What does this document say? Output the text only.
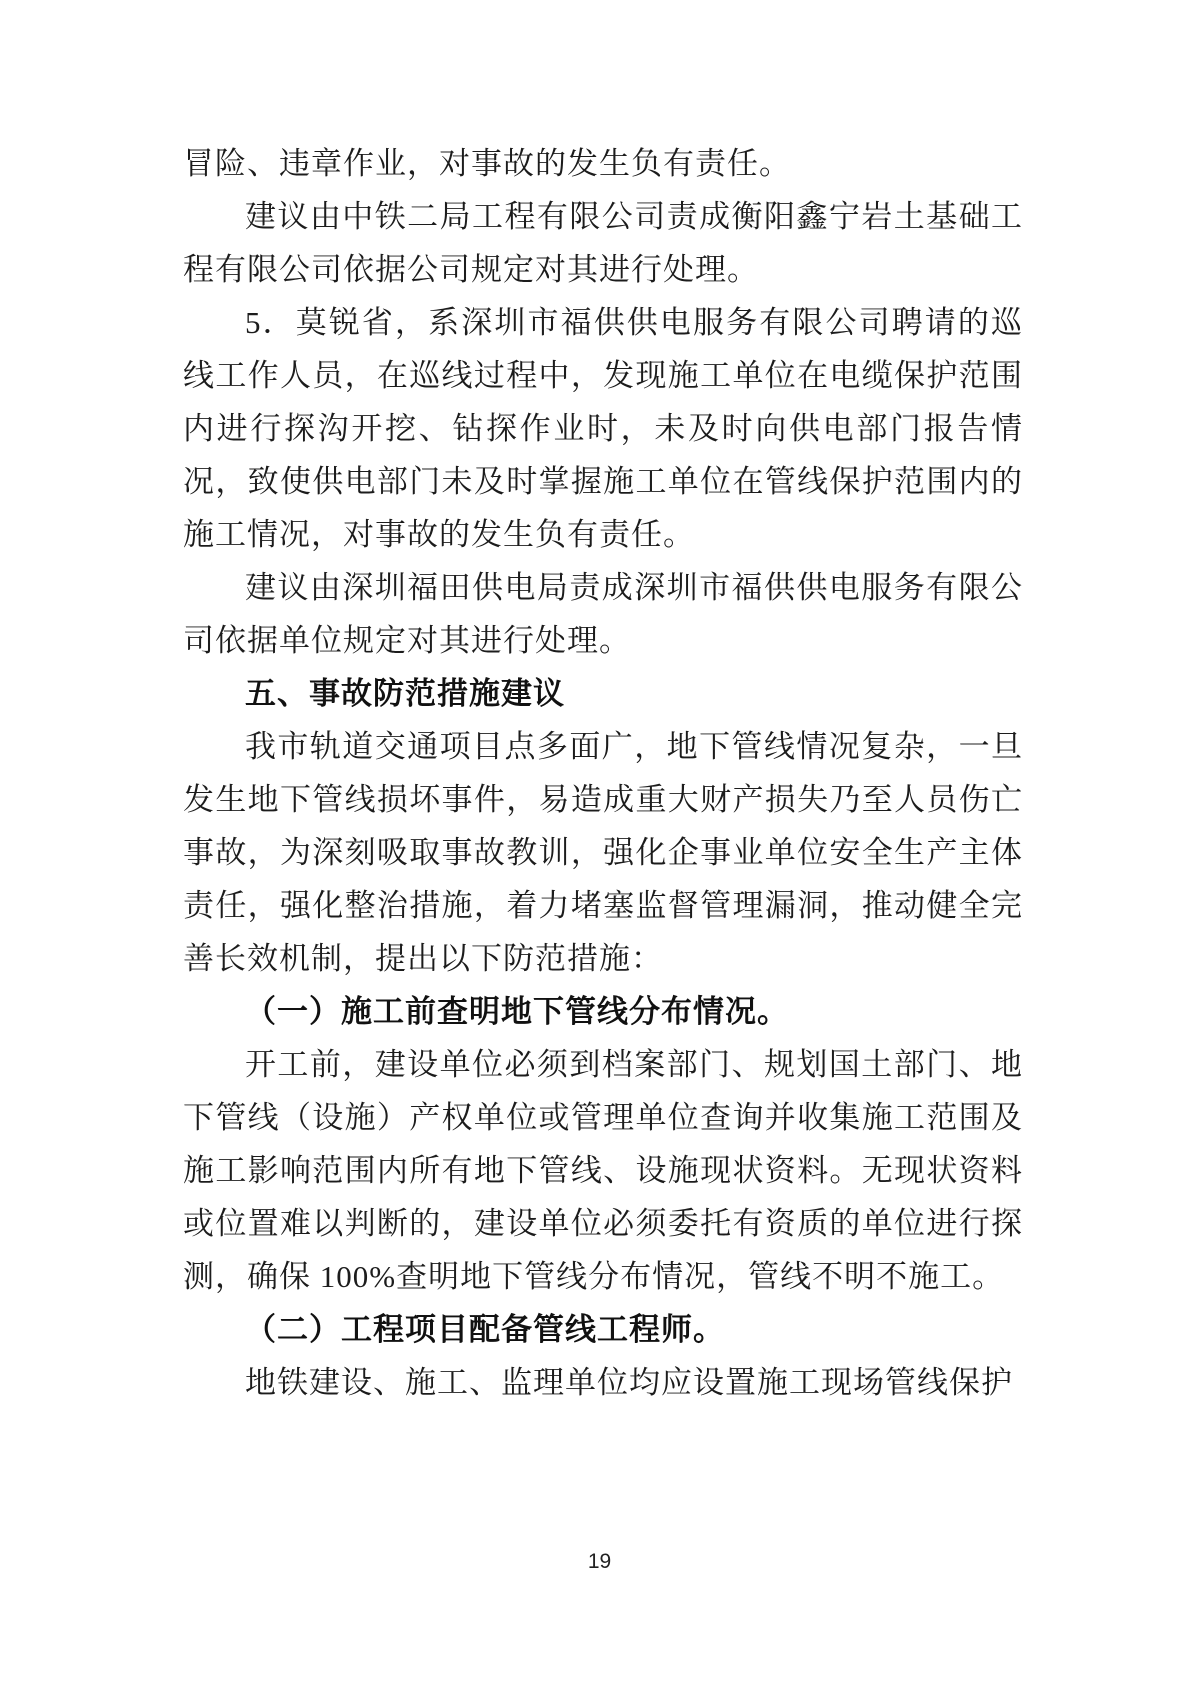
冒险、违章作业，对事故的发生负有责任。
建议由中铁二局工程有限公司责成衡阳鑫宁岩土基础工程有限公司依据公司规定对其进行处理。
5．莫锐省，系深圳市福供供电服务有限公司聘请的巡线工作人员，在巡线过程中，发现施工单位在电缆保护范围内进行探沟开挖、钻探作业时，未及时向供电部门报告情况，致使供电部门未及时掌握施工单位在管线保护范围内的施工情况，对事故的发生负有责任。
建议由深圳福田供电局责成深圳市福供供电服务有限公司依据单位规定对其进行处理。
五、事故防范措施建议
我市轨道交通项目点多面广，地下管线情况复杂，一旦发生地下管线损坏事件，易造成重大财产损失乃至人员伤亡事故，为深刻吸取事故教训，强化企事业单位安全生产主体责任，强化整治措施，着力堵塞监督管理漏洞，推动健全完善长效机制，提出以下防范措施：
（一）施工前查明地下管线分布情况。
开工前，建设单位必须到档案部门、规划国土部门、地下管线（设施）产权单位或管理单位查询并收集施工范围及施工影响范围内所有地下管线、设施现状资料。无现状资料或位置难以判断的，建设单位必须委托有资质的单位进行探测，确保 100%查明地下管线分布情况，管线不明不施工。
（二）工程项目配备管线工程师。
地铁建设、施工、监理单位均应设置施工现场管线保护
19
